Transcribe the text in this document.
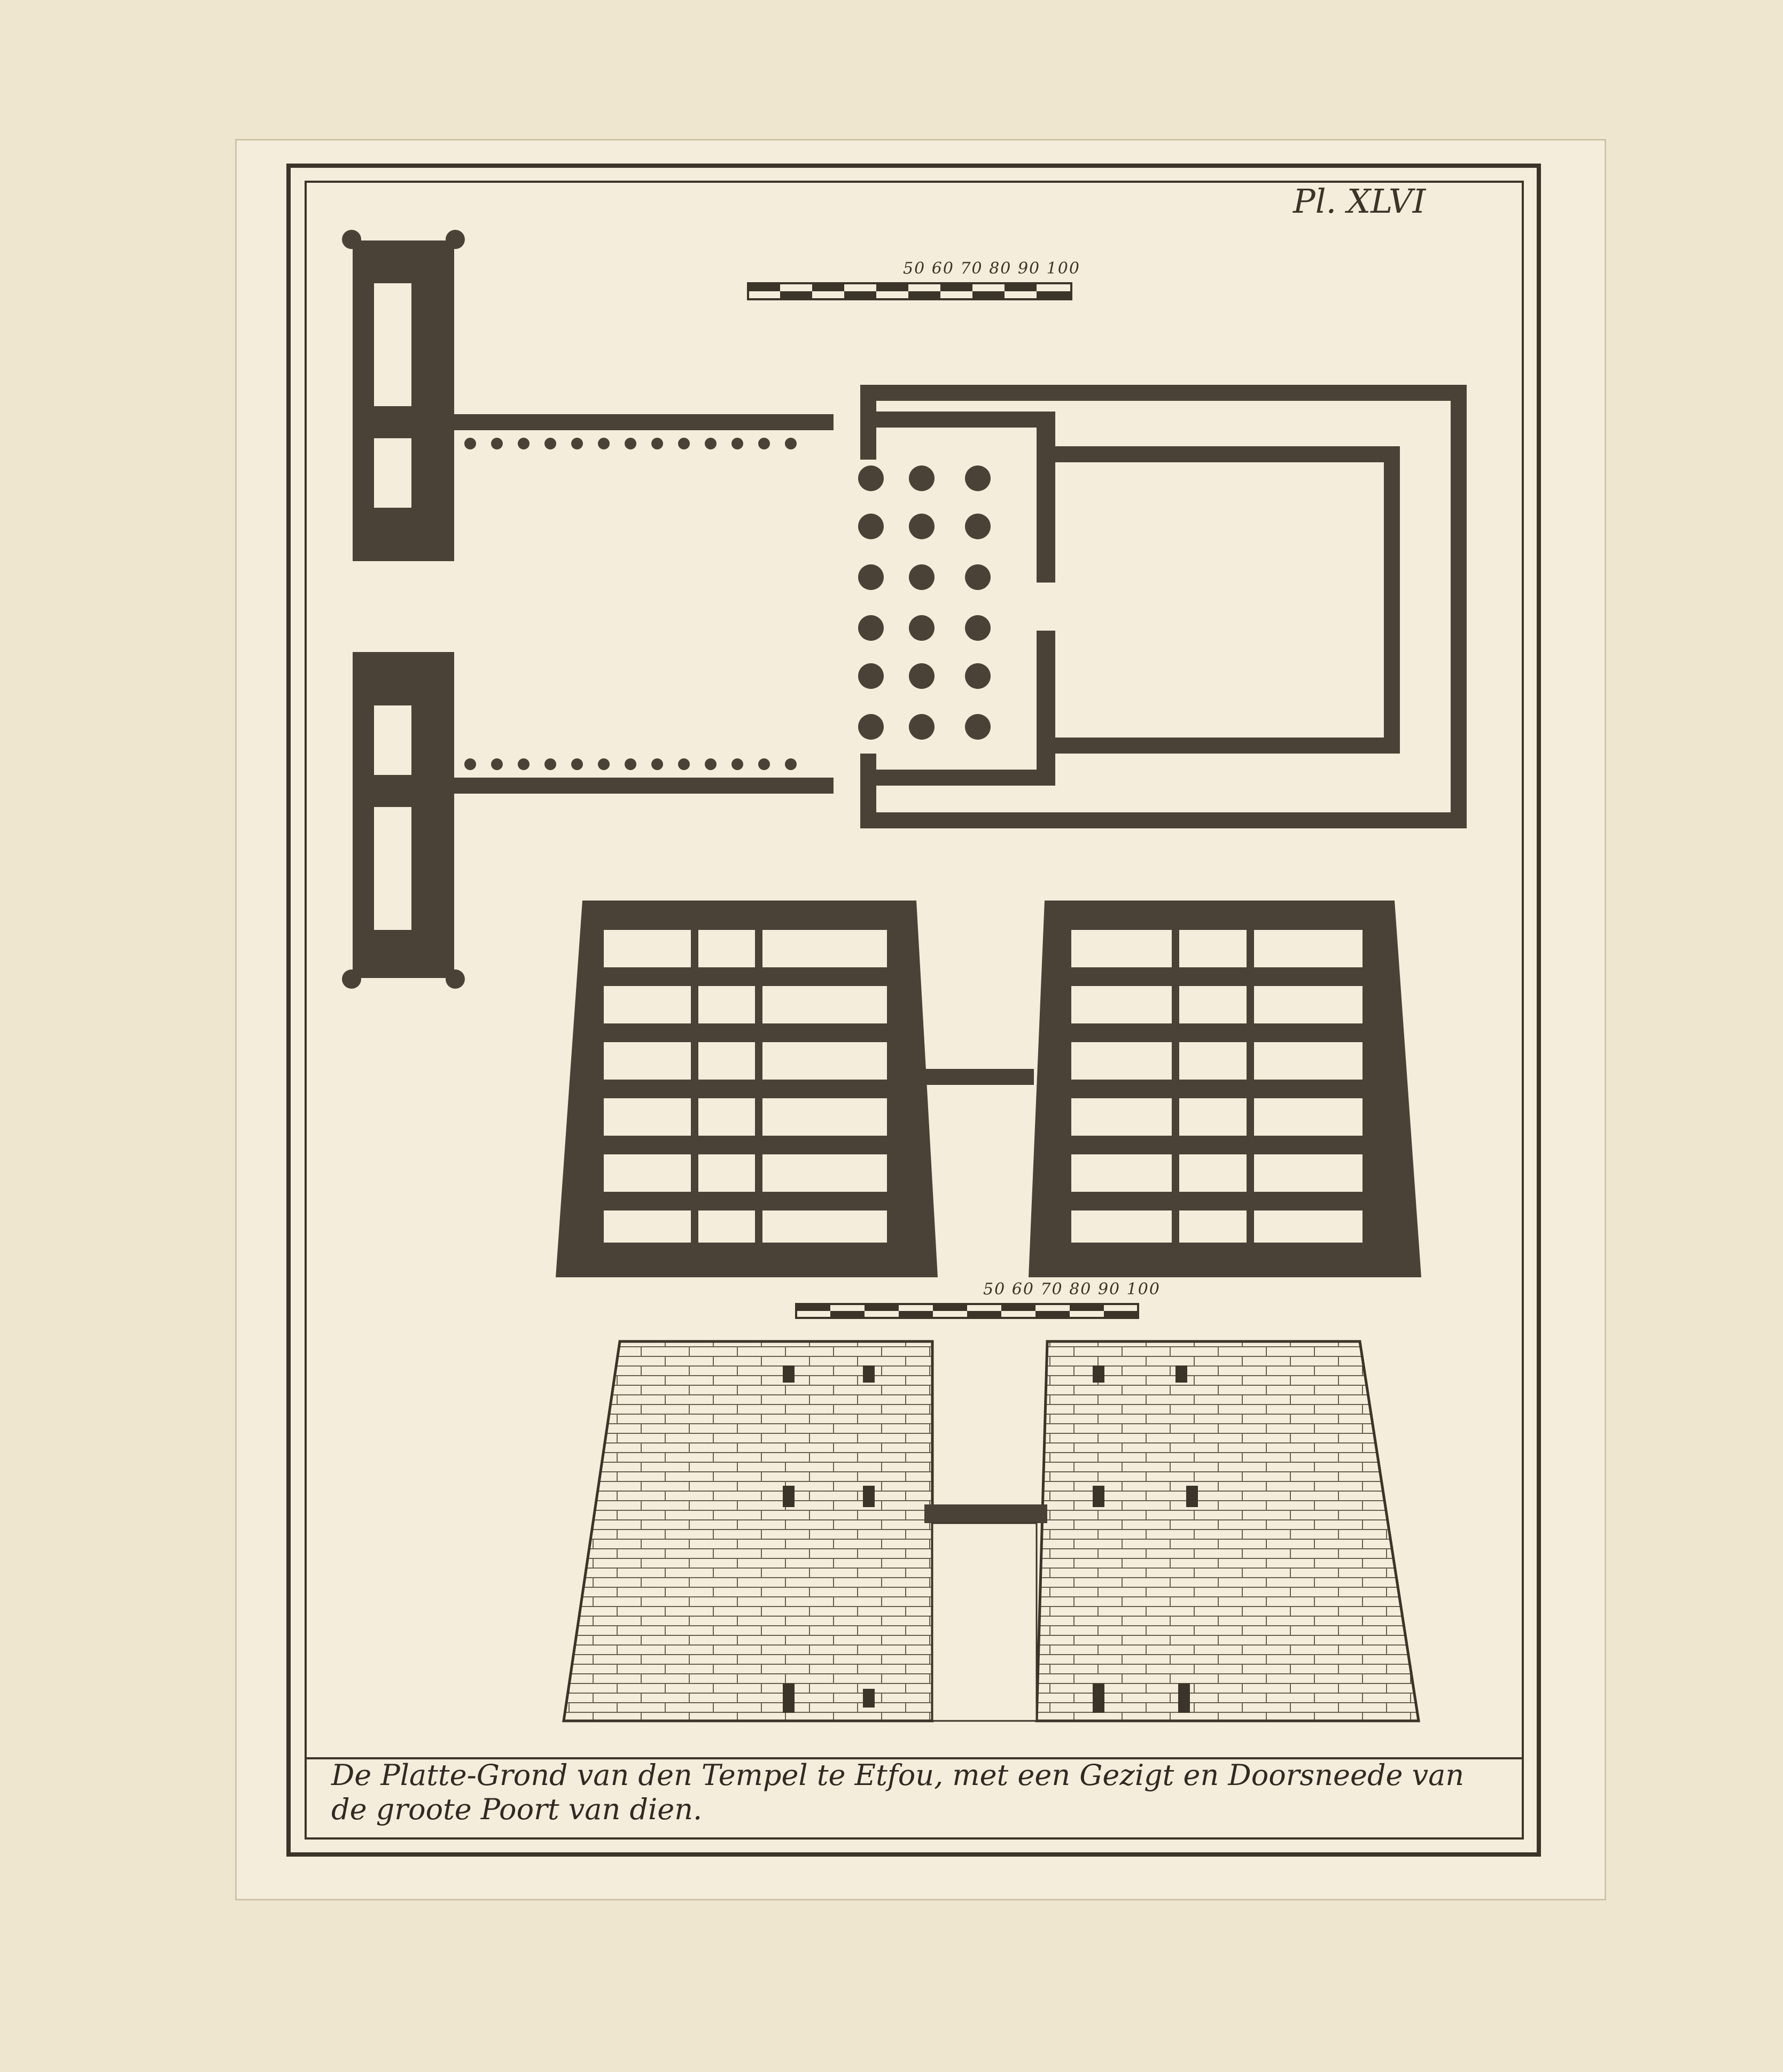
Pl. XLVI
50 60 70 80 90 100
50 60 70 80 90 100
De Platte-Grond van den Tempel te Etfou, met een Gezigt en Doorsneede van
de groote Poort van dien.
